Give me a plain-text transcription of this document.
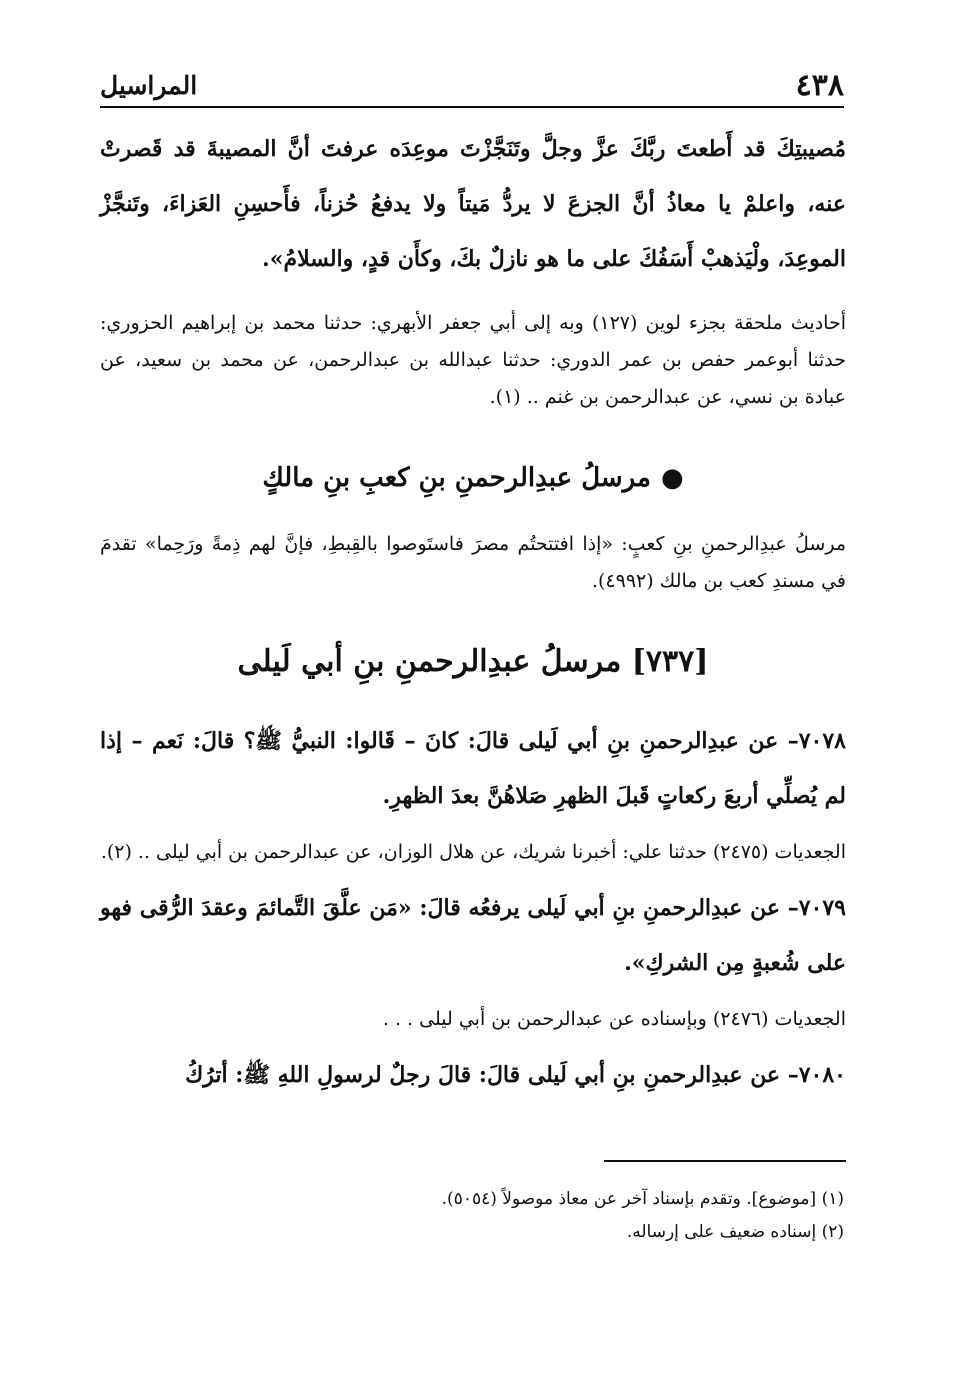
٤٣٨
المراسيل

مُصيبتِكَ قد أَطعتَ ربَّكَ عزَّ وجلَّ وتَنَجَّزْتَ موعِدَه عرفتَ أنَّ المصيبةَ قد قَصرتْ عنه، واعلمْ يا معاذُ أنَّ الجزعَ لا يردُّ مَيتاً ولا يدفعُ حُزناً، فأَحسِنِ العَزاءَ، وتَنجَّزْ الموعِدَ، ولْيَذهبْ أَسَفُكَ على ما هو نازلٌ بكَ، وكأَن قدٍ، والسلامُ».

أحاديث ملحقة بجزء لوين (١٢٧) وبه إلى أبي جعفر الأبهري: حدثنا محمد بن إبراهيم الحزوري: حدثنا أبوعمر حفص بن عمر الدوري: حدثنا عبدالله بن عبدالرحمن، عن محمد بن سعيد، عن عبادة بن نسي، عن عبدالرحمن بن غنم .. (١).

●مرسلُ عبدِالرحمنِ بنِ كعبِ بنِ مالكٍ

مرسلُ عبدِالرحمنِ بنِ كعبٍ: «إذا افتتحتُم مصرَ فاستَوصوا بالقِبطِ، فإنَّ لهم ذِمةً ورَحِما» تقدمَ في مسندِ كعب بن مالك (٤٩٩٢).

[٧٣٧] مرسلُ عبدِالرحمنِ بنِ أبي لَيلى

٧٠٧٨– عن عبدِالرحمنِ بنِ أبي لَيلى قالَ: كانَ – قَالوا: النبيُّ ﷺ؟ قالَ: نَعم – إذا لم يُصلِّي أربعَ ركعاتٍ قَبلَ الظهرِ صَلاهُنَّ بعدَ الظهرِ.

الجعديات (٢٤٧٥) حدثنا علي: أخبرنا شريك، عن هلال الوزان، عن عبدالرحمن بن أبي ليلى .. (٢).

٧٠٧٩– عن عبدِالرحمنِ بنِ أبي لَيلى يرفعُه قالَ: «مَن علَّقَ التَّمائمَ وعقدَ الرُّقى فهو على شُعبةٍ مِن الشركِ».

الجعديات (٢٤٧٦) وبإسناده عن عبدالرحمن بن أبي ليلى . . .

٧٠٨٠– عن عبدِالرحمنِ بنِ أبي لَيلى قالَ: قالَ رجلٌ لرسولِ اللهِ ﷺ: أترُكُ

(١) [موضوع]. وتقدم بإسناد آخر عن معاذ موصولاً (٥٠٥٤).

(٢) إسناده ضعيف على إرساله.
